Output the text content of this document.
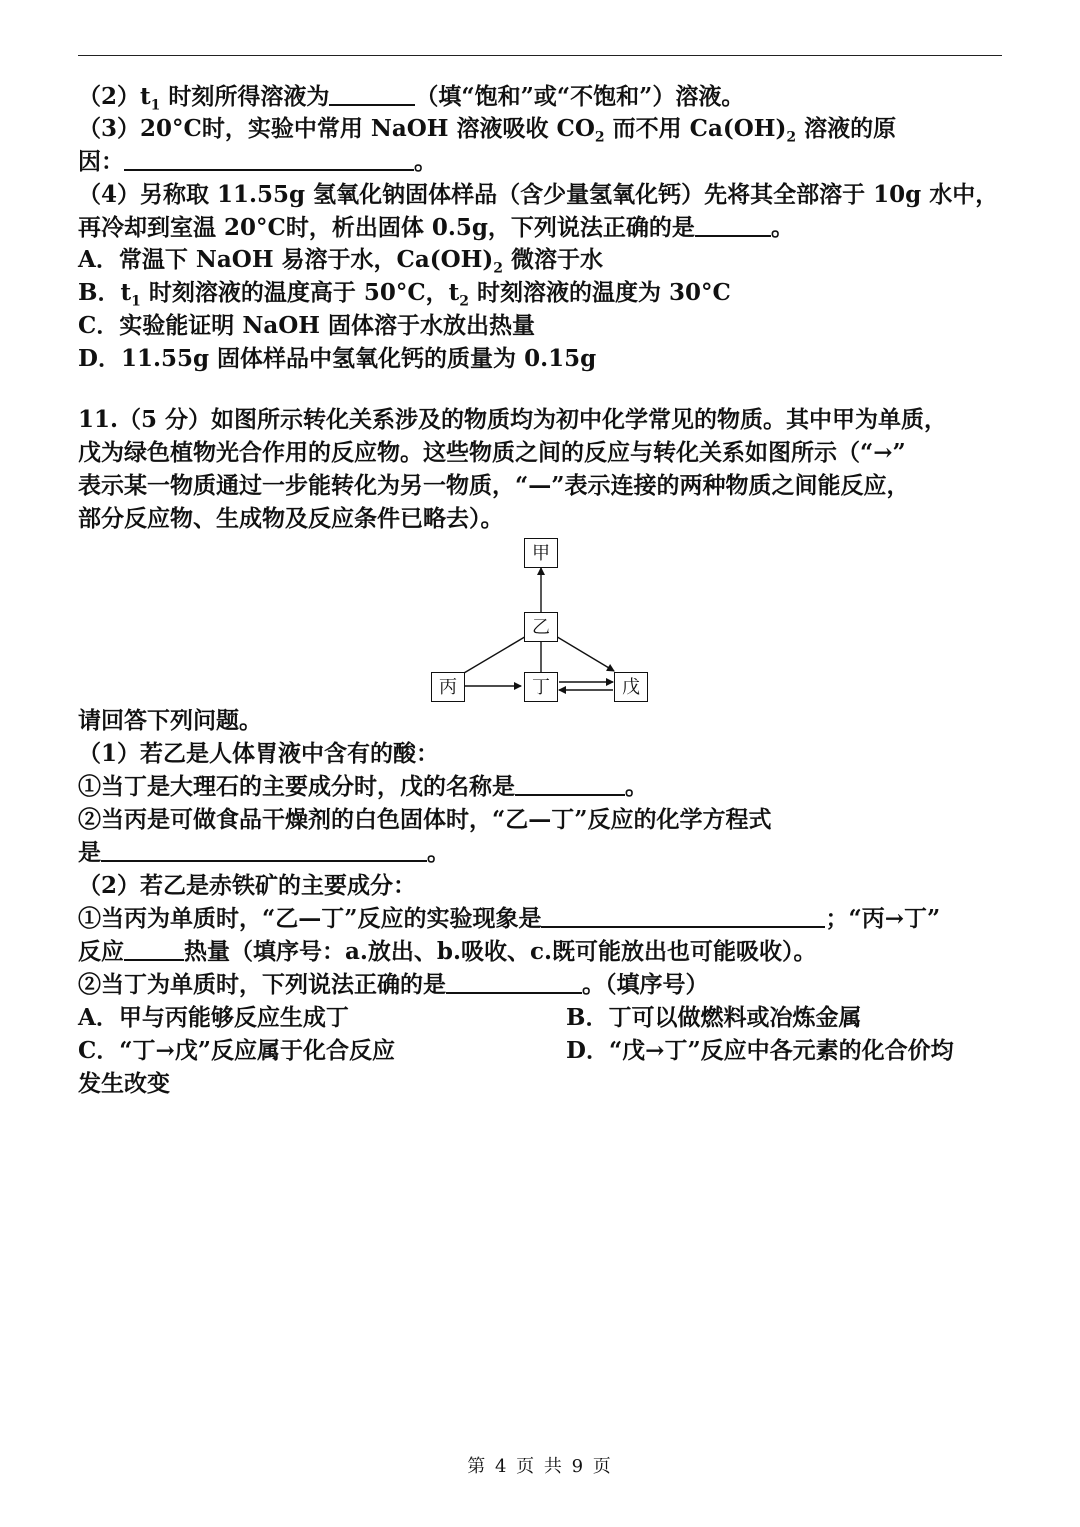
$(2)t_1$ 时刻所得溶液为	（填“饱和”或“不饱和”）溶液。
（3）20°C时，实验中常用 NaOH 溶液吸收 $CO_2$ 而不用 $Ca(OH)_2$ 溶液的原
因：	。
（4）另称取 11.55g 氢氧化钠固体样品（含少量氢氧化钙）先将其全部溶于 10g 水中，
再冷却到室温 20°C时，析出固体 0.5g，下列说法正确的是	。
A．常温下 NaOH 易溶于水，$Ca(OH)_2$ 微溶于水
B．$t_1$ 时刻溶液的温度高于 50°C，$t_2$ 时刻溶液的温度为 30°C
C．实验能证明 NaOH 固体溶于水放出热量
D．11.55g 固体样品中氢氧化钙的质量为 0.15g
11.（5 分）如图所示转化关系涉及的物质均为初中化学常见的物质。其中甲为单质，
戊为绿色植物光合作用的反应物。这些物质之间的反应与转化关系如图所示（“→”
表示某一物质通过一步能转化为另一物质，“—”表示连接的两种物质之间能反应，
部分反应物、生成物及反应条件已略去）。
甲
乙
丙	丁	戊
请回答下列问题。
（1）若乙是人体胃液中含有的酸：
①当丁是大理石的主要成分时，戊的名称是	。
②当丙是可做食品干燥剂的白色固体时，“乙—丁”反应的化学方程式
是	。
（2）若乙是赤铁矿的主要成分：
①当丙为单质时，“乙—丁”反应的实验现象是	；“丙→丁”
反应	热量（填序号：a.放出、b.吸收、c.既可能放出也可能吸收）。
②当丁为单质时，下列说法正确的是	。（填序号）
A．甲与丙能够反应生成丁	B．丁可以做燃料或冶炼金属
C．“丁→戊”反应属于化合反应	D．“戊→丁”反应中各元素的化合价均
发生改变
第 4 页 共 9 页
